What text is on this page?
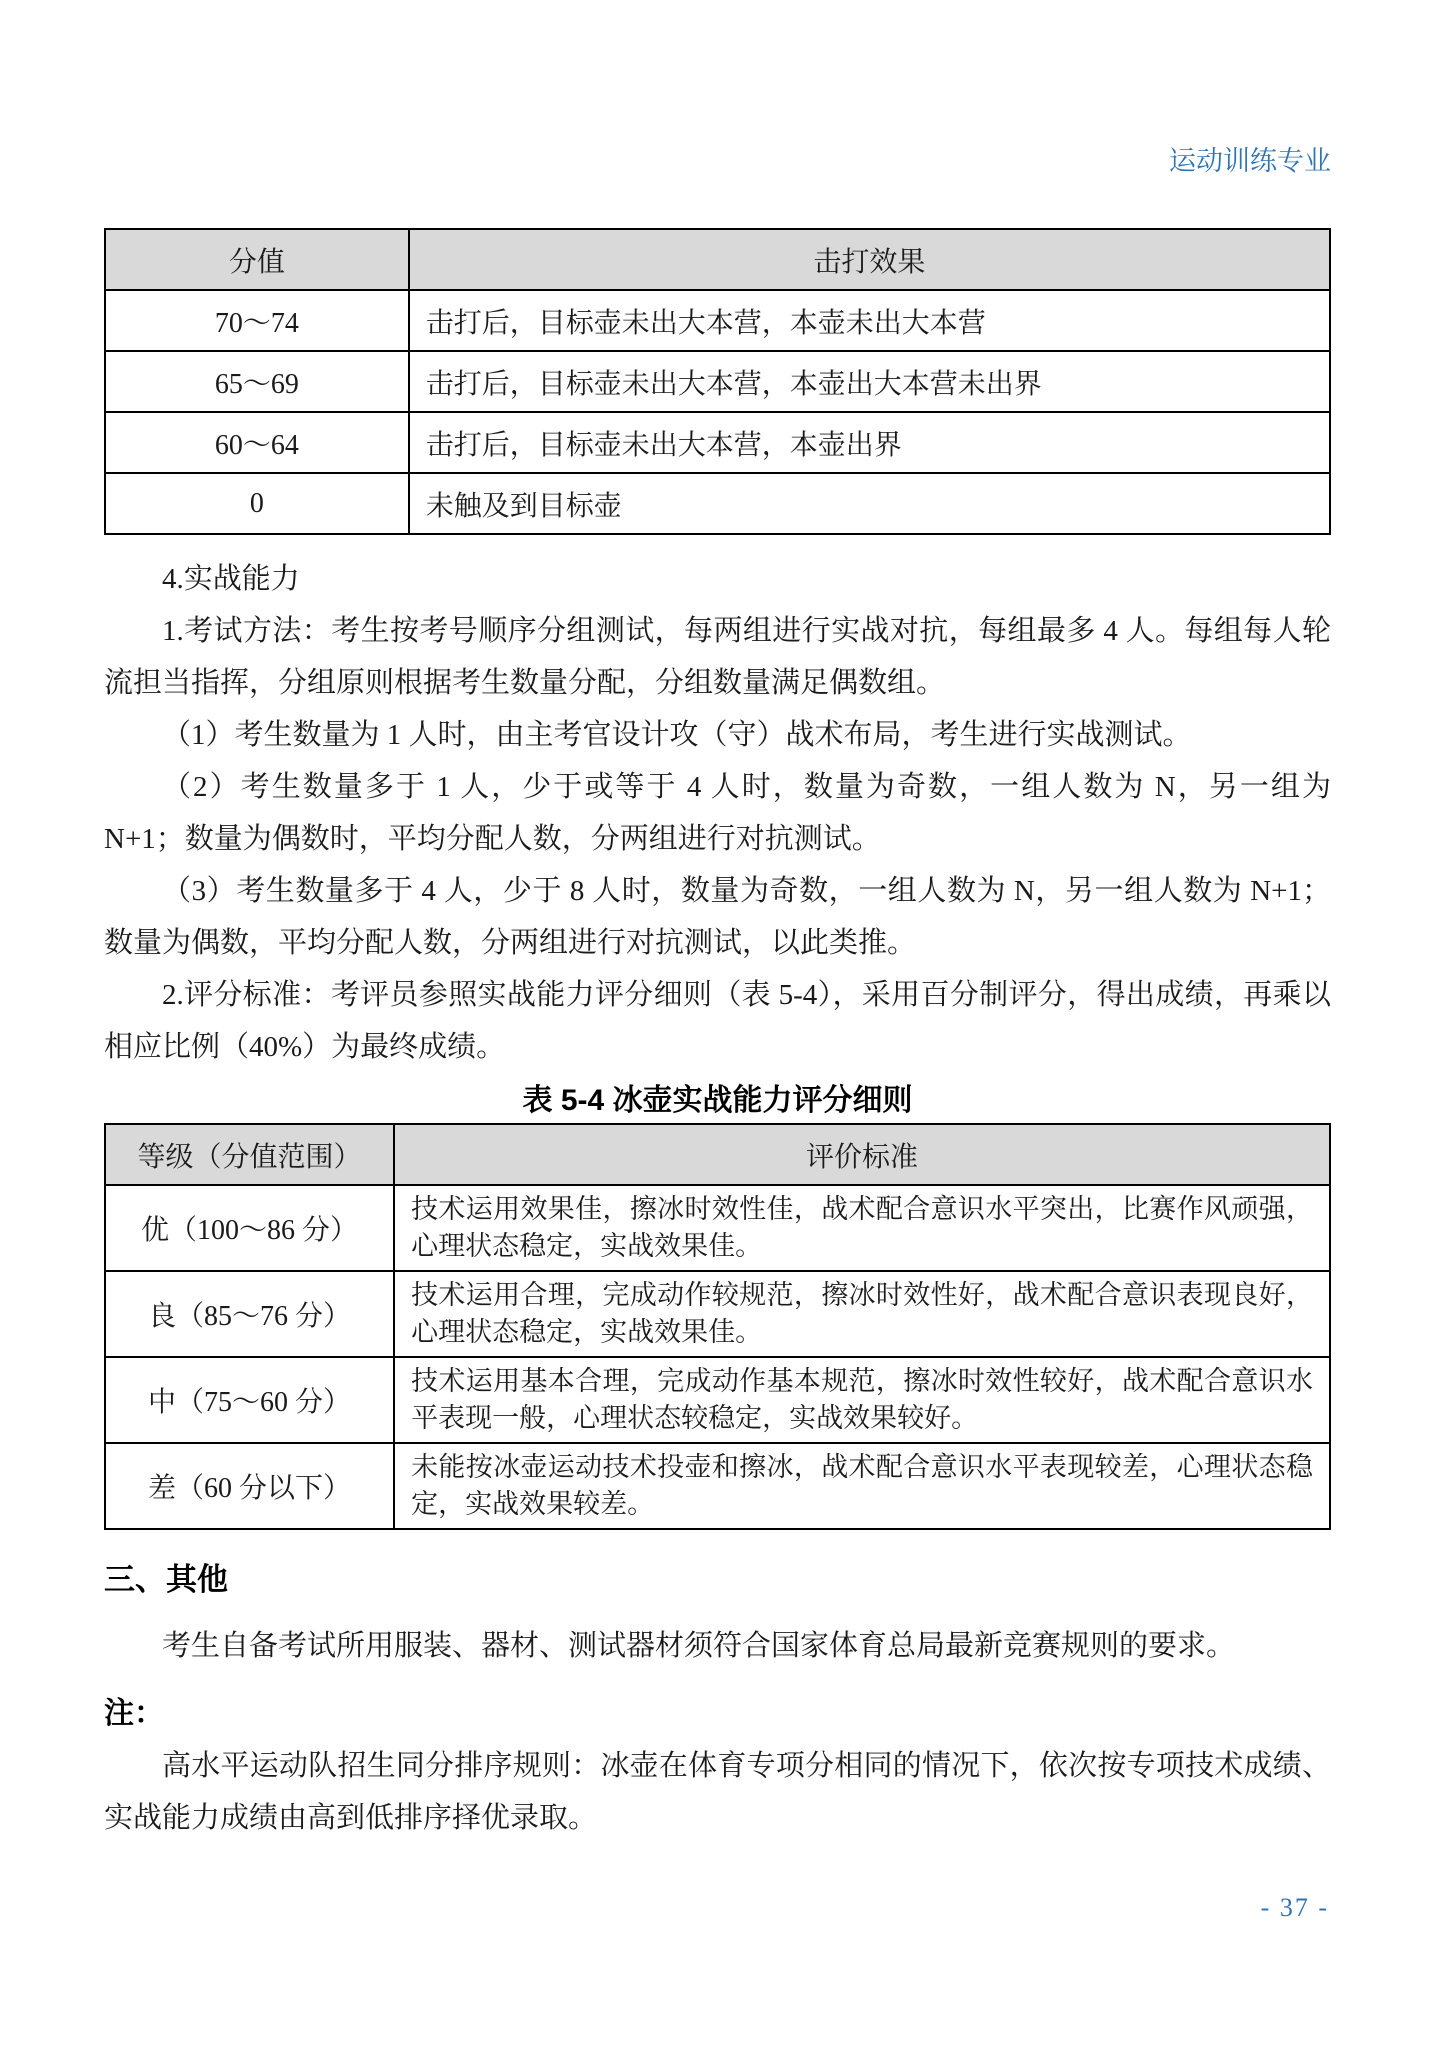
运动训练专业
分值	击打效果
70～74	击打后，目标壶未出大本营，本壶未出大本营
65～69	击打后，目标壶未出大本营，本壶出大本营未出界
60～64	击打后，目标壶未出大本营，本壶出界
0	未触及到目标壶

4.实战能力

1.考试方法：考生按考号顺序分组测试，每两组进行实战对抗，每组最多 4 人。每组每人轮流担当指挥，分组原则根据考生数量分配，分组数量满足偶数组。

（1）考生数量为 1 人时，由主考官设计攻（守）战术布局，考生进行实战测试。

（2）考生数量多于 1 人，少于或等于 4 人时，数量为奇数，一组人数为 N，另一组为 N+1；数量为偶数时，平均分配人数，分两组进行对抗测试。

（3）考生数量多于 4 人，少于 8 人时，数量为奇数，一组人数为 N，另一组人数为 N+1；数量为偶数，平均分配人数，分两组进行对抗测试，以此类推。

2.评分标准：考评员参照实战能力评分细则（表 5-4），采用百分制评分，得出成绩，再乘以相应比例（40%）为最终成绩。

表 5-4 冰壶实战能力评分细则
等级（分值范围）	评价标准
优（100～86 分）	技术运用效果佳，擦冰时效性佳，战术配合意识水平突出，比赛作风顽强，心理状态稳定，实战效果佳。
良（85～76 分）	技术运用合理，完成动作较规范，擦冰时效性好，战术配合意识表现良好，心理状态稳定，实战效果佳。
中（75～60 分）	技术运用基本合理，完成动作基本规范，擦冰时效性较好，战术配合意识水平表现一般，心理状态较稳定，实战效果较好。
差（60 分以下）	未能按冰壶运动技术投壶和擦冰，战术配合意识水平表现较差，心理状态稳定，实战效果较差。
三、其他

考生自备考试所用服装、器材、测试器材须符合国家体育总局最新竞赛规则的要求。

注：

高水平运动队招生同分排序规则：冰壶在体育专项分相同的情况下，依次按专项技术成绩、实战能力成绩由高到低排序择优录取。

- 37 -
